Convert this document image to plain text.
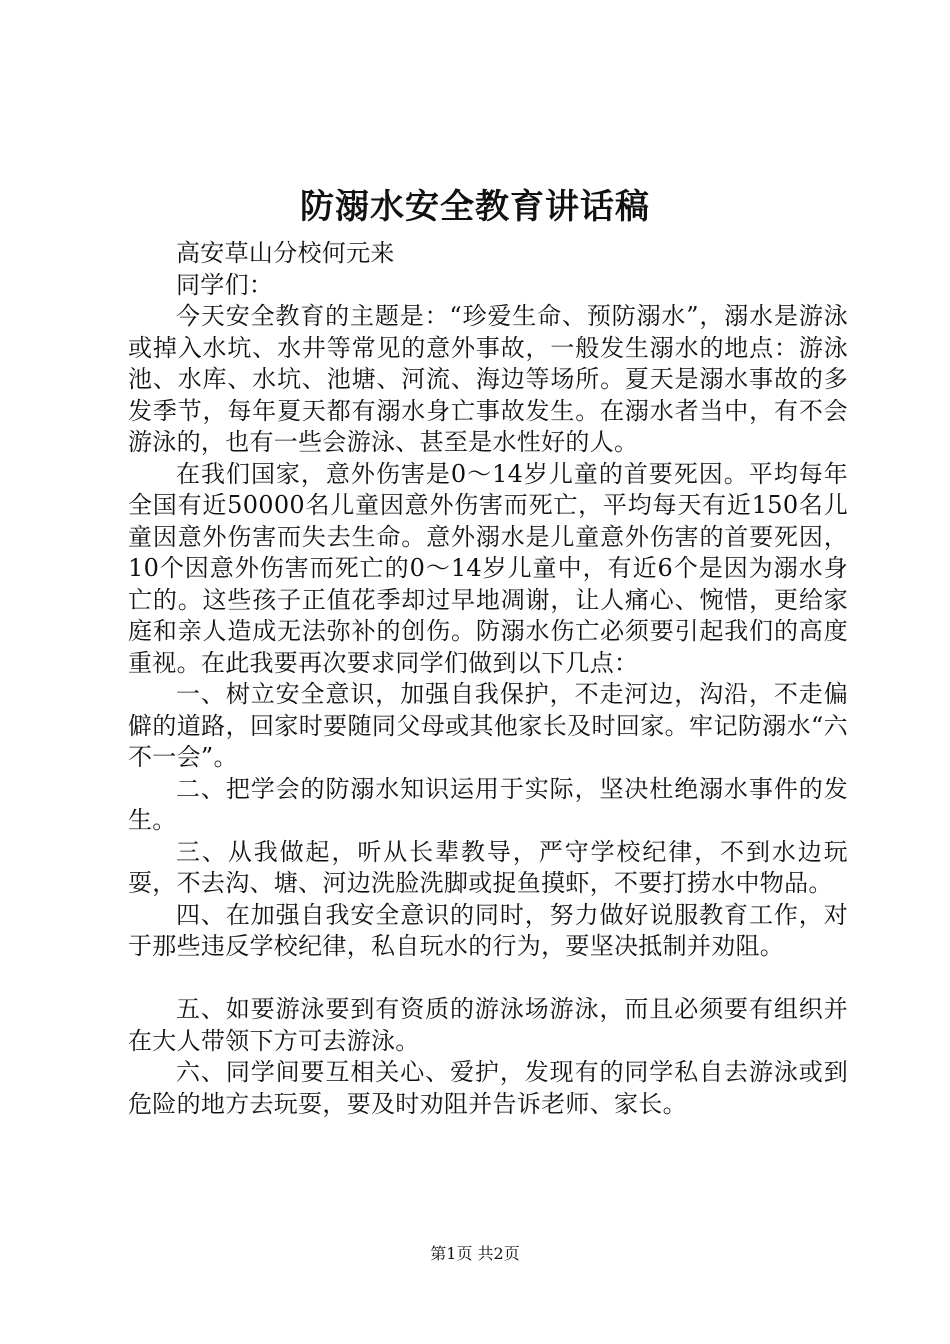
防溺水安全教育讲话稿

高安草山分校何元来

同学们：

今天安全教育的主题是：“珍爱生命、预防溺水”，溺水是游泳或掉入水坑、水井等常见的意外事故，一般发生溺水的地点：游泳池、水库、水坑、池塘、河流、海边等场所。夏天是溺水事故的多发季节，每年夏天都有溺水身亡事故发生。在溺水者当中，有不会游泳的，也有一些会游泳、甚至是水性好的人。

在我们国家，意外伤害是0～14岁儿童的首要死因。平均每年全国有近50000名儿童因意外伤害而死亡，平均每天有近150名儿童因意外伤害而失去生命。意外溺水是儿童意外伤害的首要死因，10个因意外伤害而死亡的0～14岁儿童中，有近6个是因为溺水身亡的。这些孩子正值花季却过早地凋谢，让人痛心、惋惜，更给家庭和亲人造成无法弥补的创伤。防溺水伤亡必须要引起我们的高度重视。在此我要再次要求同学们做到以下几点：

一、树立安全意识，加强自我保护，不走河边，沟沿，不走偏僻的道路，回家时要随同父母或其他家长及时回家。牢记防溺水“六不一会”。

二、把学会的防溺水知识运用于实际，坚决杜绝溺水事件的发生。

三、从我做起，听从长辈教导，严守学校纪律，不到水边玩耍，不去沟、塘、河边洗脸洗脚或捉鱼摸虾，不要打捞水中物品。

四、在加强自我安全意识的同时，努力做好说服教育工作，对于那些违反学校纪律，私自玩水的行为，要坚决抵制并劝阻。

五、如要游泳要到有资质的游泳场游泳，而且必须要有组织并在大人带领下方可去游泳。

六、同学间要互相关心、爱护，发现有的同学私自去游泳或到危险的地方去玩耍，要及时劝阻并告诉老师、家长。

第1页 共2页
